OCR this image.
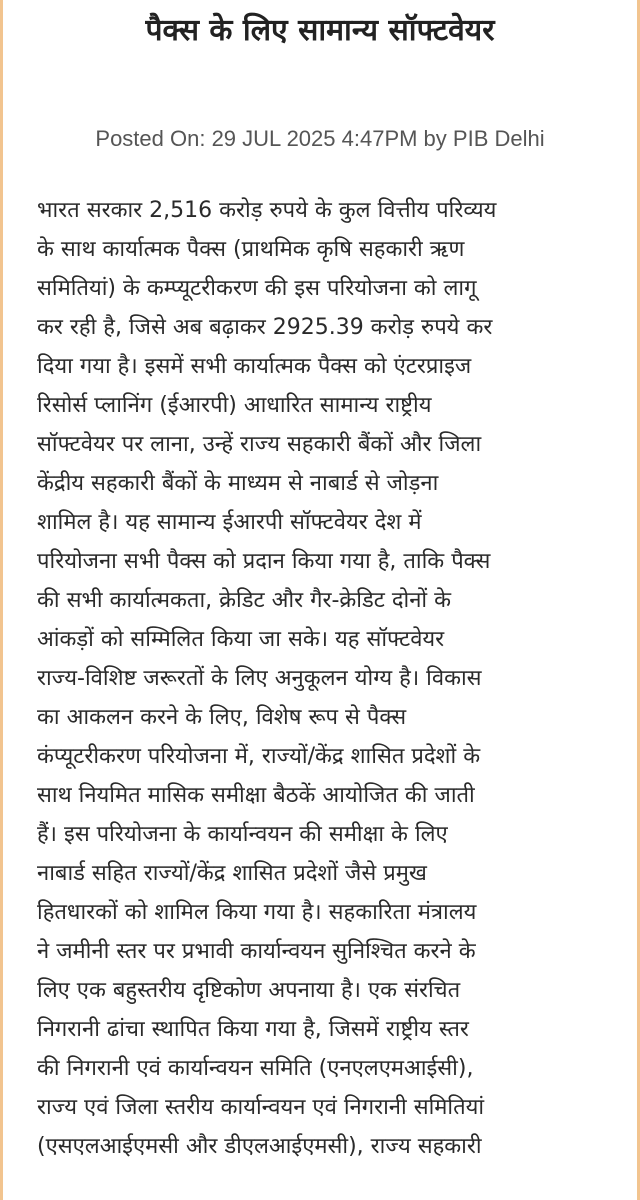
पैक्स के लिए सामान्य सॉफ्टवेयर
Posted On: 29 JUL 2025 4:47PM by PIB Delhi
भारत सरकार 2,516 करोड़ रुपये के कुल वित्तीय परिव्यय
के साथ कार्यात्मक पैक्स (प्राथमिक कृषि सहकारी ऋण
समितियां) के कम्प्यूटरीकरण की इस परियोजना को लागू
कर रही है, जिसे अब बढ़ाकर 2925.39 करोड़ रुपये कर
दिया गया है। इसमें सभी कार्यात्मक पैक्स को एंटरप्राइज
रिसोर्स प्लानिंग (ईआरपी) आधारित सामान्य राष्ट्रीय
सॉफ्टवेयर पर लाना, उन्हें राज्य सहकारी बैंकों और जिला
केंद्रीय सहकारी बैंकों के माध्यम से नाबार्ड से जोड़ना
शामिल है। यह सामान्य ईआरपी सॉफ्टवेयर देश में
परियोजना सभी पैक्स को प्रदान किया गया है, ताकि पैक्स
की सभी कार्यात्मकता, क्रेडिट और गैर-क्रेडिट दोनों के
आंकड़ों को सम्मिलित किया जा सके। यह सॉफ्टवेयर
राज्य-विशिष्ट जरूरतों के लिए अनुकूलन योग्य है। विकास
का आकलन करने के लिए, विशेष रूप से पैक्स
कंप्यूटरीकरण परियोजना में, राज्यों/केंद्र शासित प्रदेशों के
साथ नियमित मासिक समीक्षा बैठकें आयोजित की जाती
हैं। इस परियोजना के कार्यान्वयन की समीक्षा के लिए
नाबार्ड सहित राज्यों/केंद्र शासित प्रदेशों जैसे प्रमुख
हितधारकों को शामिल किया गया है। सहकारिता मंत्रालय
ने जमीनी स्तर पर प्रभावी कार्यान्वयन सुनिश्चित करने के
लिए एक बहुस्तरीय दृष्टिकोण अपनाया है। एक संरचित
निगरानी ढांचा स्थापित किया गया है, जिसमें राष्ट्रीय स्तर
की निगरानी एवं कार्यान्वयन समिति (एनएलएमआईसी),
राज्य एवं जिला स्तरीय कार्यान्वयन एवं निगरानी समितियां
(एसएलआईएमसी और डीएलआईएमसी), राज्य सहकारी
